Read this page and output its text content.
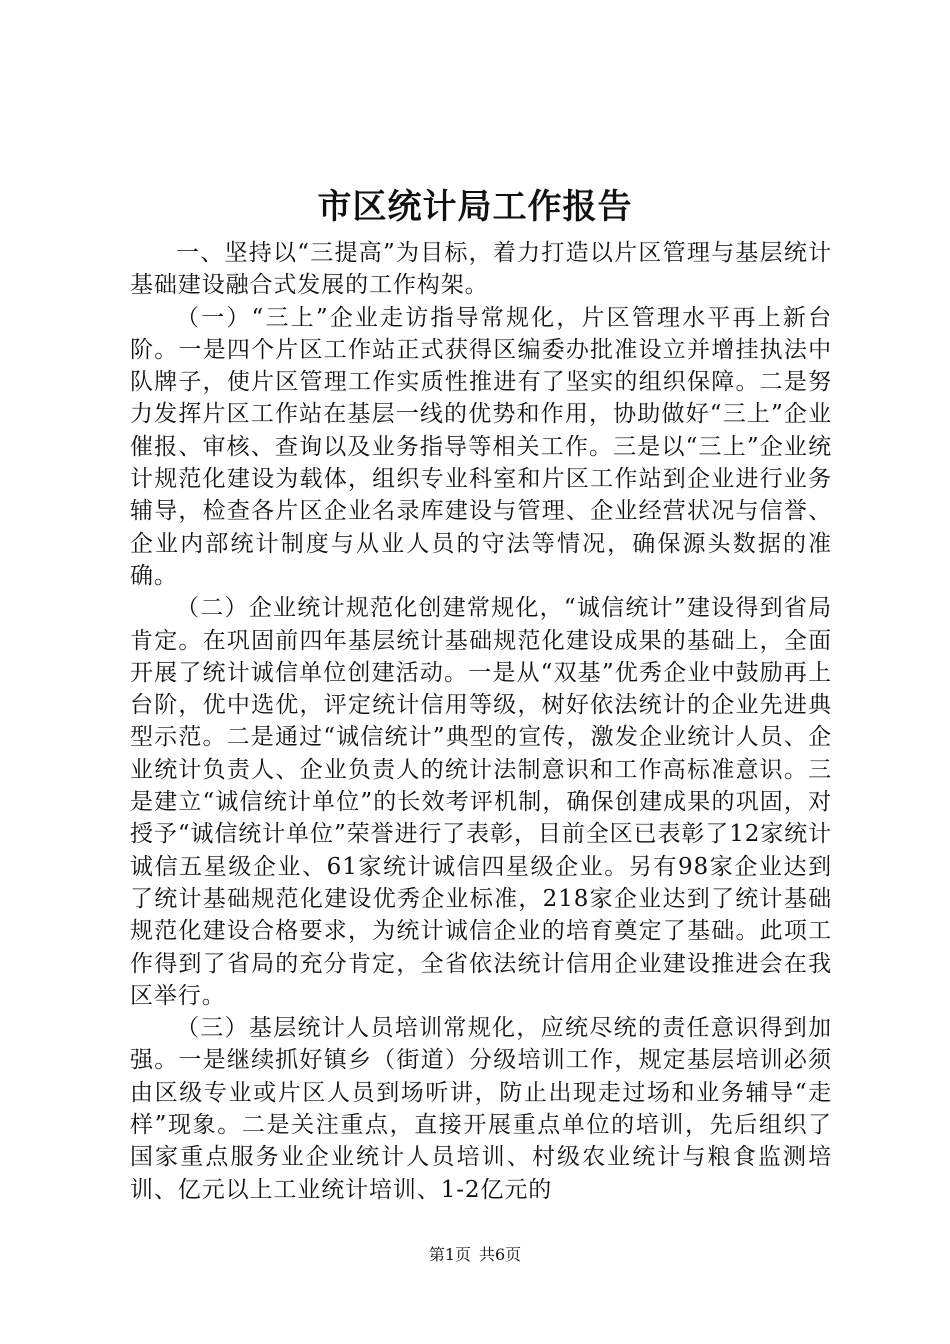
市区统计局工作报告

一、坚持以“三提高”为目标，着力打造以片区管理与基层统计基础建设融合式发展的工作构架。

（一）“三上”企业走访指导常规化，片区管理水平再上新台阶。一是四个片区工作站正式获得区编委办批准设立并增挂执法中队牌子，使片区管理工作实质性推进有了坚实的组织保障。二是努力发挥片区工作站在基层一线的优势和作用，协助做好“三上”企业催报、审核、查询以及业务指导等相关工作。三是以“三上”企业统计规范化建设为载体，组织专业科室和片区工作站到企业进行业务辅导，检查各片区企业名录库建设与管理、企业经营状况与信誉、企业内部统计制度与从业人员的守法等情况，确保源头数据的准确。

（二）企业统计规范化创建常规化，“诚信统计”建设得到省局肯定。在巩固前四年基层统计基础规范化建设成果的基础上，全面开展了统计诚信单位创建活动。一是从“双基”优秀企业中鼓励再上台阶，优中选优，评定统计信用等级，树好依法统计的企业先进典型示范。二是通过“诚信统计”典型的宣传，激发企业统计人员、企业统计负责人、企业负责人的统计法制意识和工作高标准意识。三是建立“诚信统计单位”的长效考评机制，确保创建成果的巩固，对授予“诚信统计单位”荣誉进行了表彰，目前全区已表彰了12家统计诚信五星级企业、61家统计诚信四星级企业。另有98家企业达到了统计基础规范化建设优秀企业标准，218家企业达到了统计基础规范化建设合格要求，为统计诚信企业的培育奠定了基础。此项工作得到了省局的充分肯定，全省依法统计信用企业建设推进会在我区举行。

（三）基层统计人员培训常规化，应统尽统的责任意识得到加强。一是继续抓好镇乡（街道）分级培训工作，规定基层培训必须由区级专业或片区人员到场听讲，防止出现走过场和业务辅导“走样”现象。二是关注重点，直接开展重点单位的培训，先后组织了国家重点服务业企业统计人员培训、村级农业统计与粮食监测培训、亿元以上工业统计培训、1-2亿元的

第1页 共6页
